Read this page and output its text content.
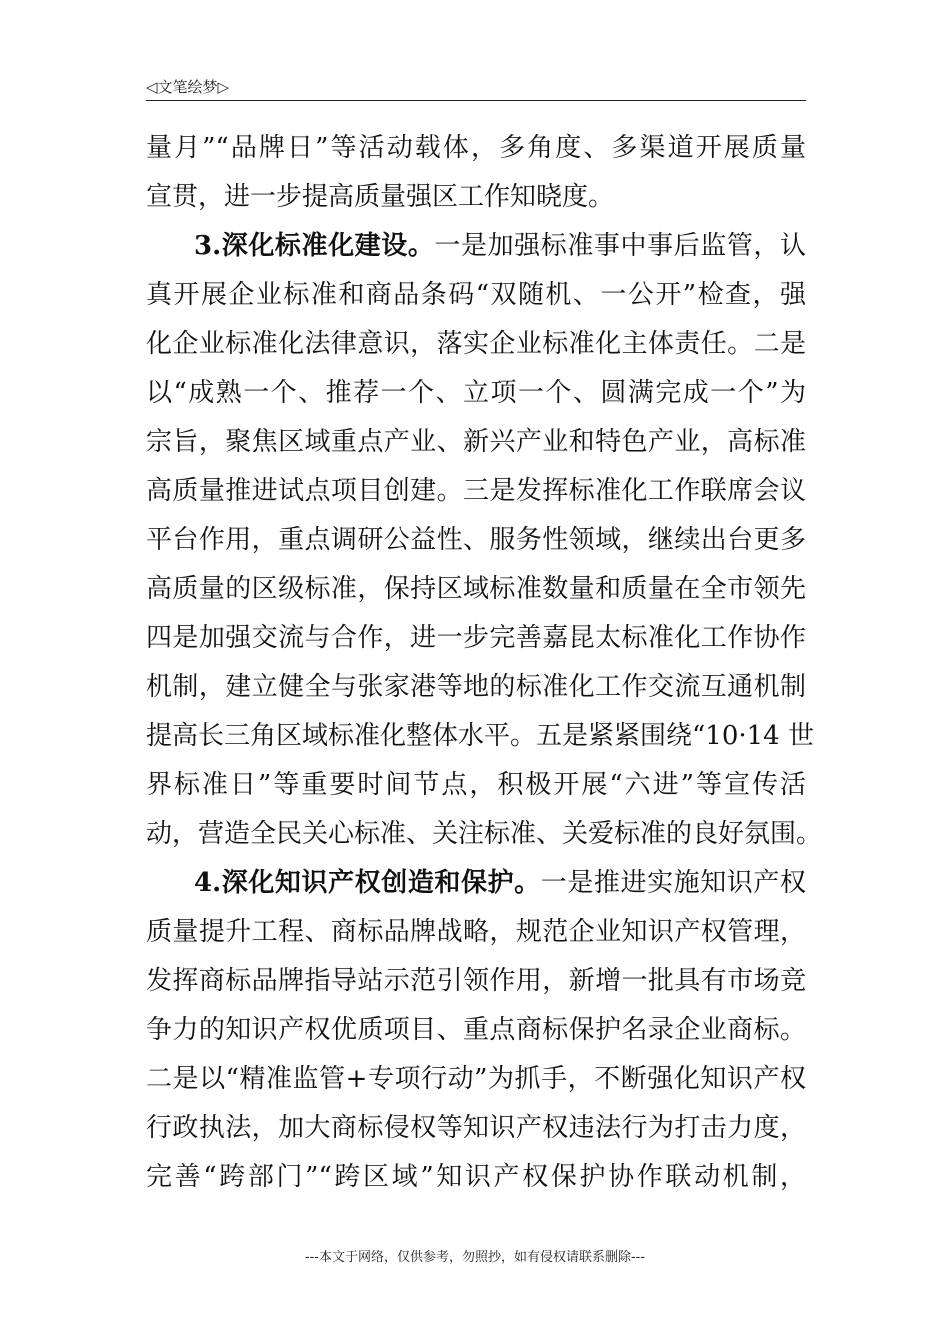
◁文笔绘梦▷
量月”“品牌日”等活动载体，多角度、多渠道开展质量
宣贯，进一步提高质量强区工作知晓度。
3.深化标准化建设。一是加强标准事中事后监管，认
真开展企业标准和商品条码“双随机、一公开”检查，强
化企业标准化法律意识，落实企业标准化主体责任。二是
以“成熟一个、推荐一个、立项一个、圆满完成一个”为
宗旨，聚焦区域重点产业、新兴产业和特色产业，高标准
高质量推进试点项目创建。三是发挥标准化工作联席会议
平台作用，重点调研公益性、服务性领域，继续出台更多
高质量的区级标准，保持区域标准数量和质量在全市领先
四是加强交流与合作，进一步完善嘉昆太标准化工作协作
机制，建立健全与张家港等地的标准化工作交流互通机制
提高长三角区域标准化整体水平。五是紧紧围绕“10·14 世
界标准日”等重要时间节点，积极开展“六进”等宣传活
动，营造全民关心标准、关注标准、关爱标准的良好氛围。
4.深化知识产权创造和保护。一是推进实施知识产权
质量提升工程、商标品牌战略，规范企业知识产权管理，
发挥商标品牌指导站示范引领作用，新增一批具有市场竞
争力的知识产权优质项目、重点商标保护名录企业商标。
二是以“精准监管+专项行动”为抓手，不断强化知识产权
行政执法，加大商标侵权等知识产权违法行为打击力度，
完善“跨部门”“跨区域”知识产权保护协作联动机制，
---本文于网络，仅供参考，勿照抄，如有侵权请联系删除---
